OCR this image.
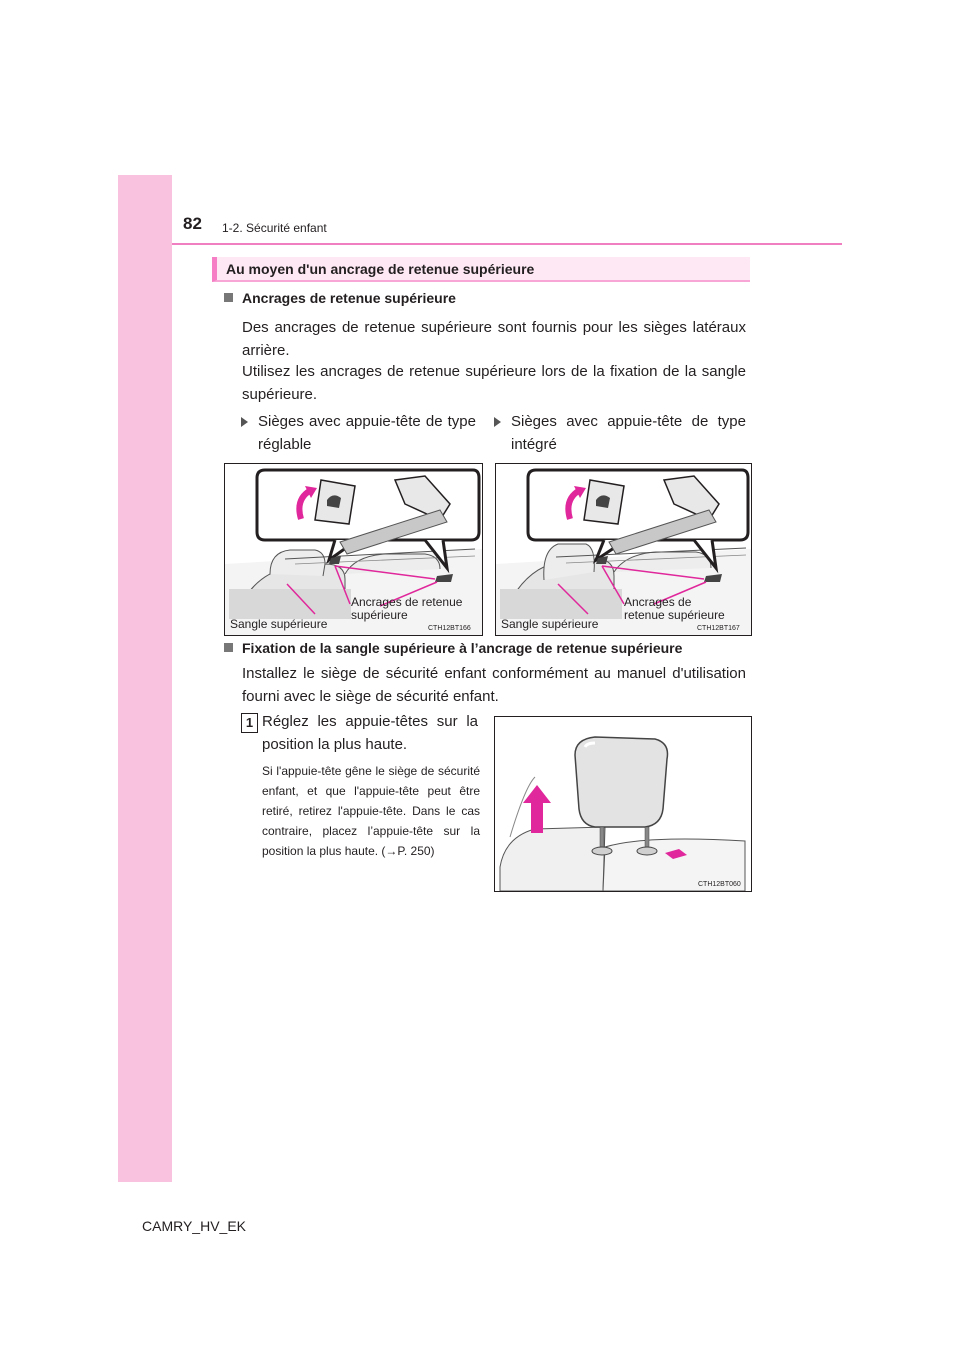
82 1-2. Sécurité enfant
Au moyen d'un ancrage de retenue supérieure
Ancrages de retenue supérieure
Des ancrages de retenue supérieure sont fournis pour les sièges latéraux arrière.
Utilisez les ancrages de retenue supérieure lors de la fixation de la sangle supérieure.
Sièges avec appuie-tête de type réglable
Sièges avec appuie-tête de type intégré
Sangle supérieure
Ancrages de retenue
supérieure
CTH12BT166	Sangle supérieure
Ancrages de
retenue supérieure
CTH12BT167
Fixation de la sangle supérieure à l’ancrage de retenue supérieure
Installez le siège de sécurité enfant conformément au manuel d'utilisation fourni avec le siège de sécurité enfant.
1 Réglez les appuie-têtes sur la position la plus haute.
Si l'appuie-tête gêne le siège de sécurité enfant, et que l'appuie-tête peut être retiré, retirez l'appuie-tête. Dans le cas contraire, placez l’appuie-tête sur la position la plus haute. (→P. 250)
CTH12BT060
CAMRY_HV_EK
